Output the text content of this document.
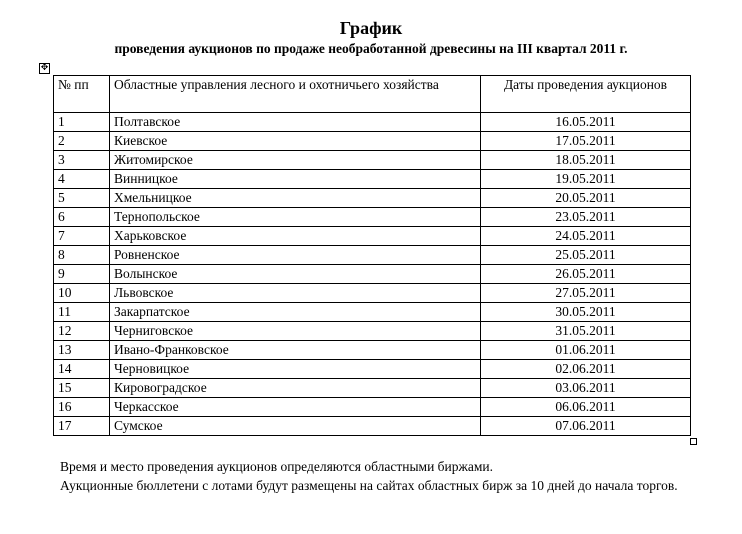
График
проведения аукционов по продаже необработанной древесины на III квартал 2011 г.
✥
№ пп	Областные управления лесного и охотничьего хозяйства	Даты проведения аукционов
1	Полтавское	16.05.2011
2	Киевское	17.05.2011
3	Житомирское	18.05.2011
4	Винницкое	19.05.2011
5	Хмельницкое	20.05.2011
6	Тернопольское	23.05.2011
7	Харьковское	24.05.2011
8	Ровненское	25.05.2011
9	Волынское	26.05.2011
10	Львовское	27.05.2011
11	Закарпатское	30.05.2011
12	Черниговское	31.05.2011
13	Ивано-Франковское	01.06.2011
14	Черновицкое	02.06.2011
15	Кировоградское	03.06.2011
16	Черкасское	06.06.2011
17	Сумское	07.06.2011
Время и место проведения аукционов определяются областными биржами.
Аукционные бюллетени с лотами будут размещены на сайтах областных бирж за 10 дней до начала торгов.
